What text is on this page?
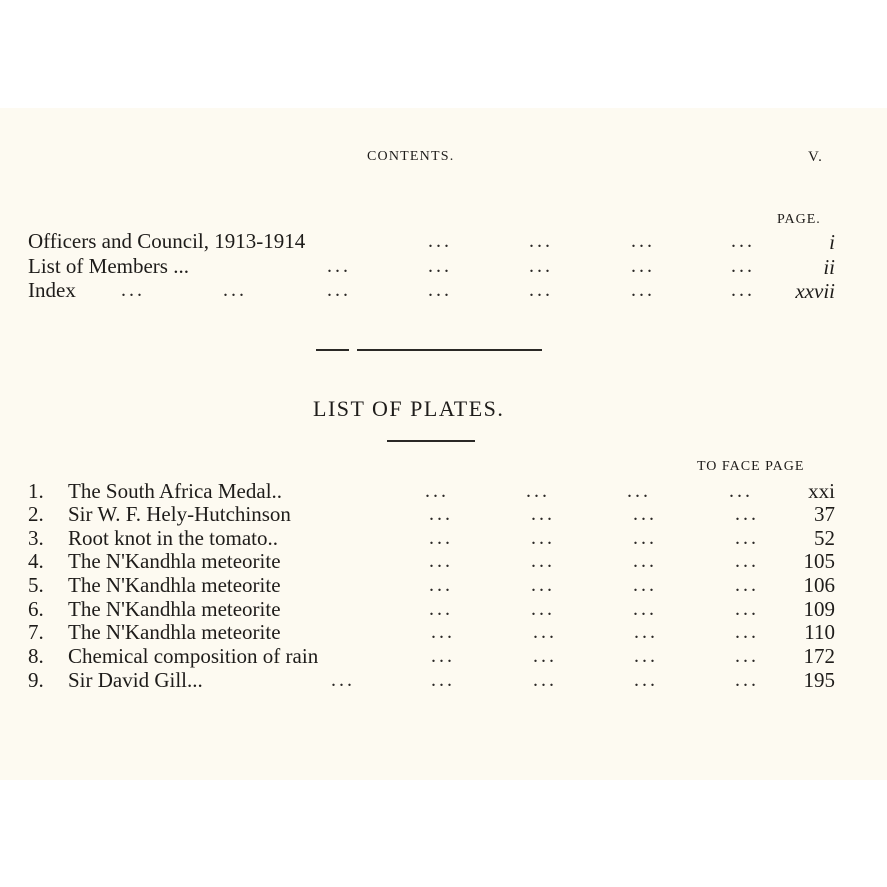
CONTENTS.	V.
PAGE.
Officers and Council, 1913-1914	...	...	...	...	i
List of Members ...	...	...	...	...	...	ii
Index ...	...	...	...	...	...	...	xxvii
LIST OF PLATES.
TO FACE PAGE
1. The South Africa Medal..	...	...	...	...	xxi
2. Sir W. F. Hely-Hutchinson	...	...	...	...	37
3. Root knot in the tomato..	...	...	...	...	52
4. The N'Kandhla meteorite	...	...	...	...	105
5. The N'Kandhla meteorite	...	...	...	...	106
6. The N'Kandhla meteorite	...	...	...	...	109
7. The N'Kandhla meteorite	...	...	...	...	110
8. Chemical composition of rain	...	...	...	...	172
9. Sir David Gill...	...	...	...	...	...	195
